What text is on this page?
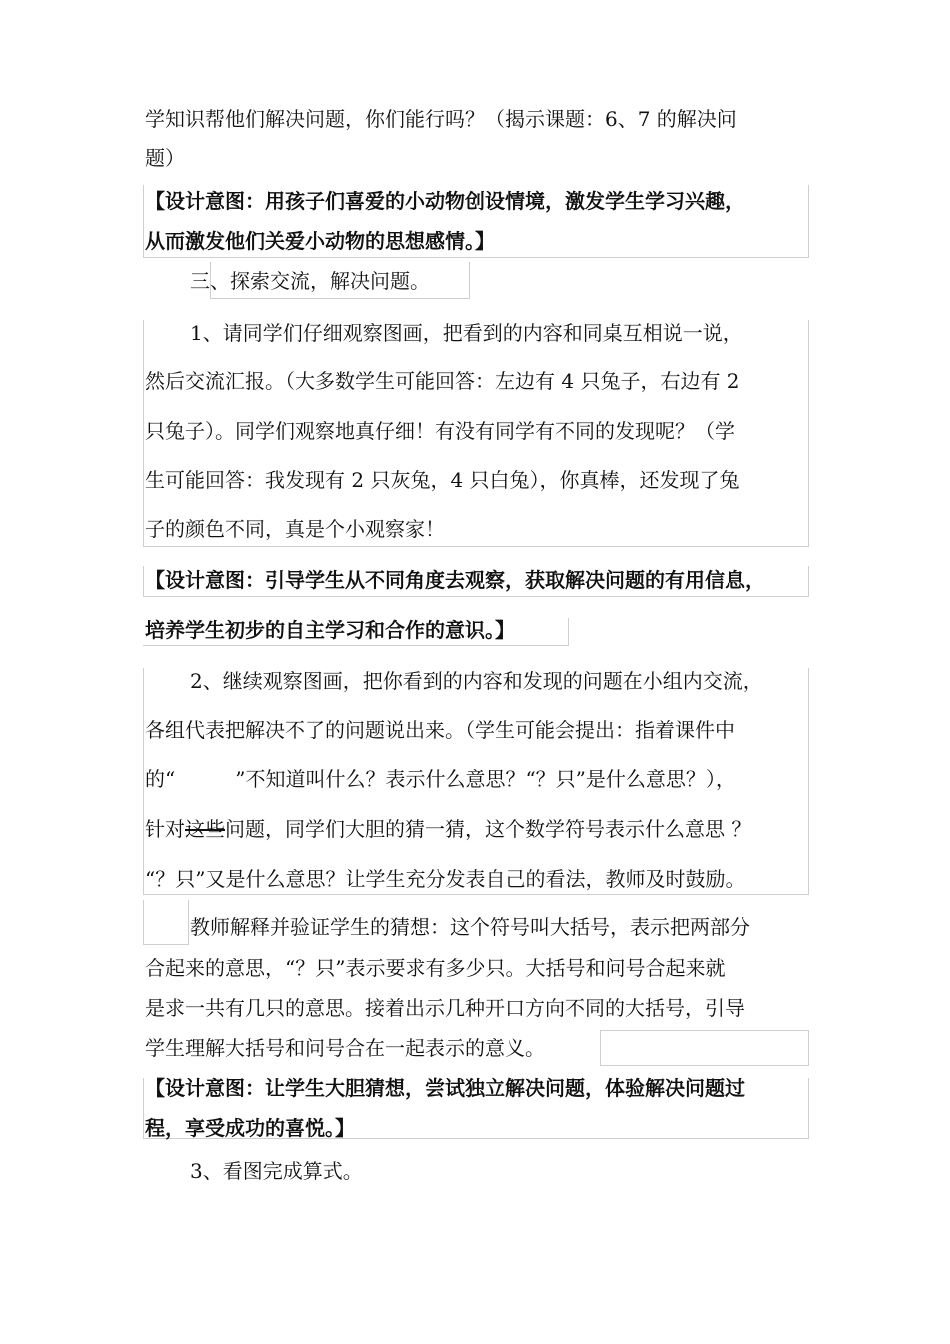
学知识帮他们解决问题，你们能行吗？（揭示课题：6、7 的解决问
题）
【设计意图：用孩子们喜爱的小动物创设情境，激发学生学习兴趣，
从而激发他们关爱小动物的思想感情。】
三、探索交流，解决问题。
1、请同学们仔细观察图画，把看到的内容和同桌互相说一说，
然后交流汇报。（大多数学生可能回答：左边有 4 只兔子，右边有 2
只兔子）。同学们观察地真仔细！有没有同学有不同的发现呢？（学
生可能回答：我发现有 2 只灰兔，4 只白兔），你真棒，还发现了兔
子的颜色不同，真是个小观察家！
【设计意图：引导学生从不同角度去观察，获取解决问题的有用信息，
培养学生初步的自主学习和合作的意识。】
2、继续观察图画，把你看到的内容和发现的问题在小组内交流，
各组代表把解决不了的问题说出来。（学生可能会提出：指着课件中
的“　　　”不知道叫什么？表示什么意思？“？只”是什么意思？），
针对这些问题，同学们大胆的猜一猜，这个数学符号表示什么意思 ？
“？只”又是什么意思？让学生充分发表自己的看法，教师及时鼓励。
教师解释并验证学生的猜想：这个符号叫大括号，表示把两部分
合起来的意思，“？只”表示要求有多少只。大括号和问号合起来就
是求一共有几只的意思。接着出示几种开口方向不同的大括号，引导
学生理解大括号和问号合在一起表示的意义。
【设计意图：让学生大胆猜想，尝试独立解决问题，体验解决问题过
程，享受成功的喜悦。】
3、看图完成算式。
